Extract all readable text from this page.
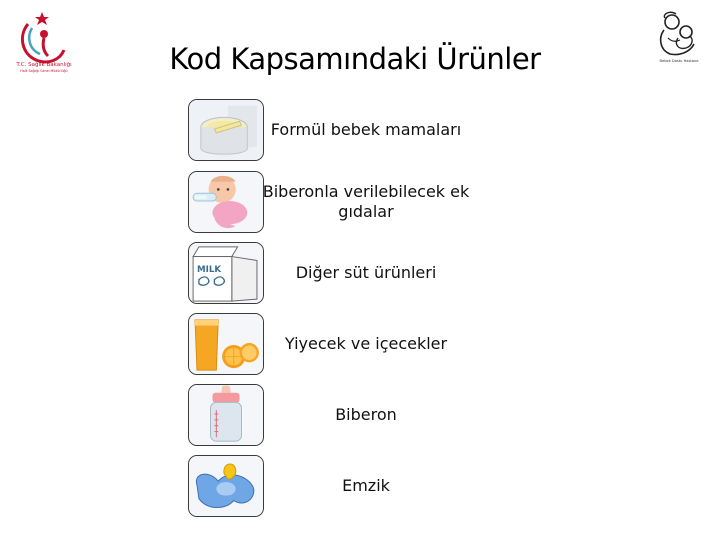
T.C. Sağlık Bakanlığı
Halk Sağlığı Genel Müdürlüğü
Bebek Dostu Hastane
Kod Kapsamındaki Ürünler
Formül bebek mamaları
Biberonla verilebilecek ek gıdalar
MILK	Diğer süt ürünleri
Yiyecek ve içecekler
Biberon
Emzik
